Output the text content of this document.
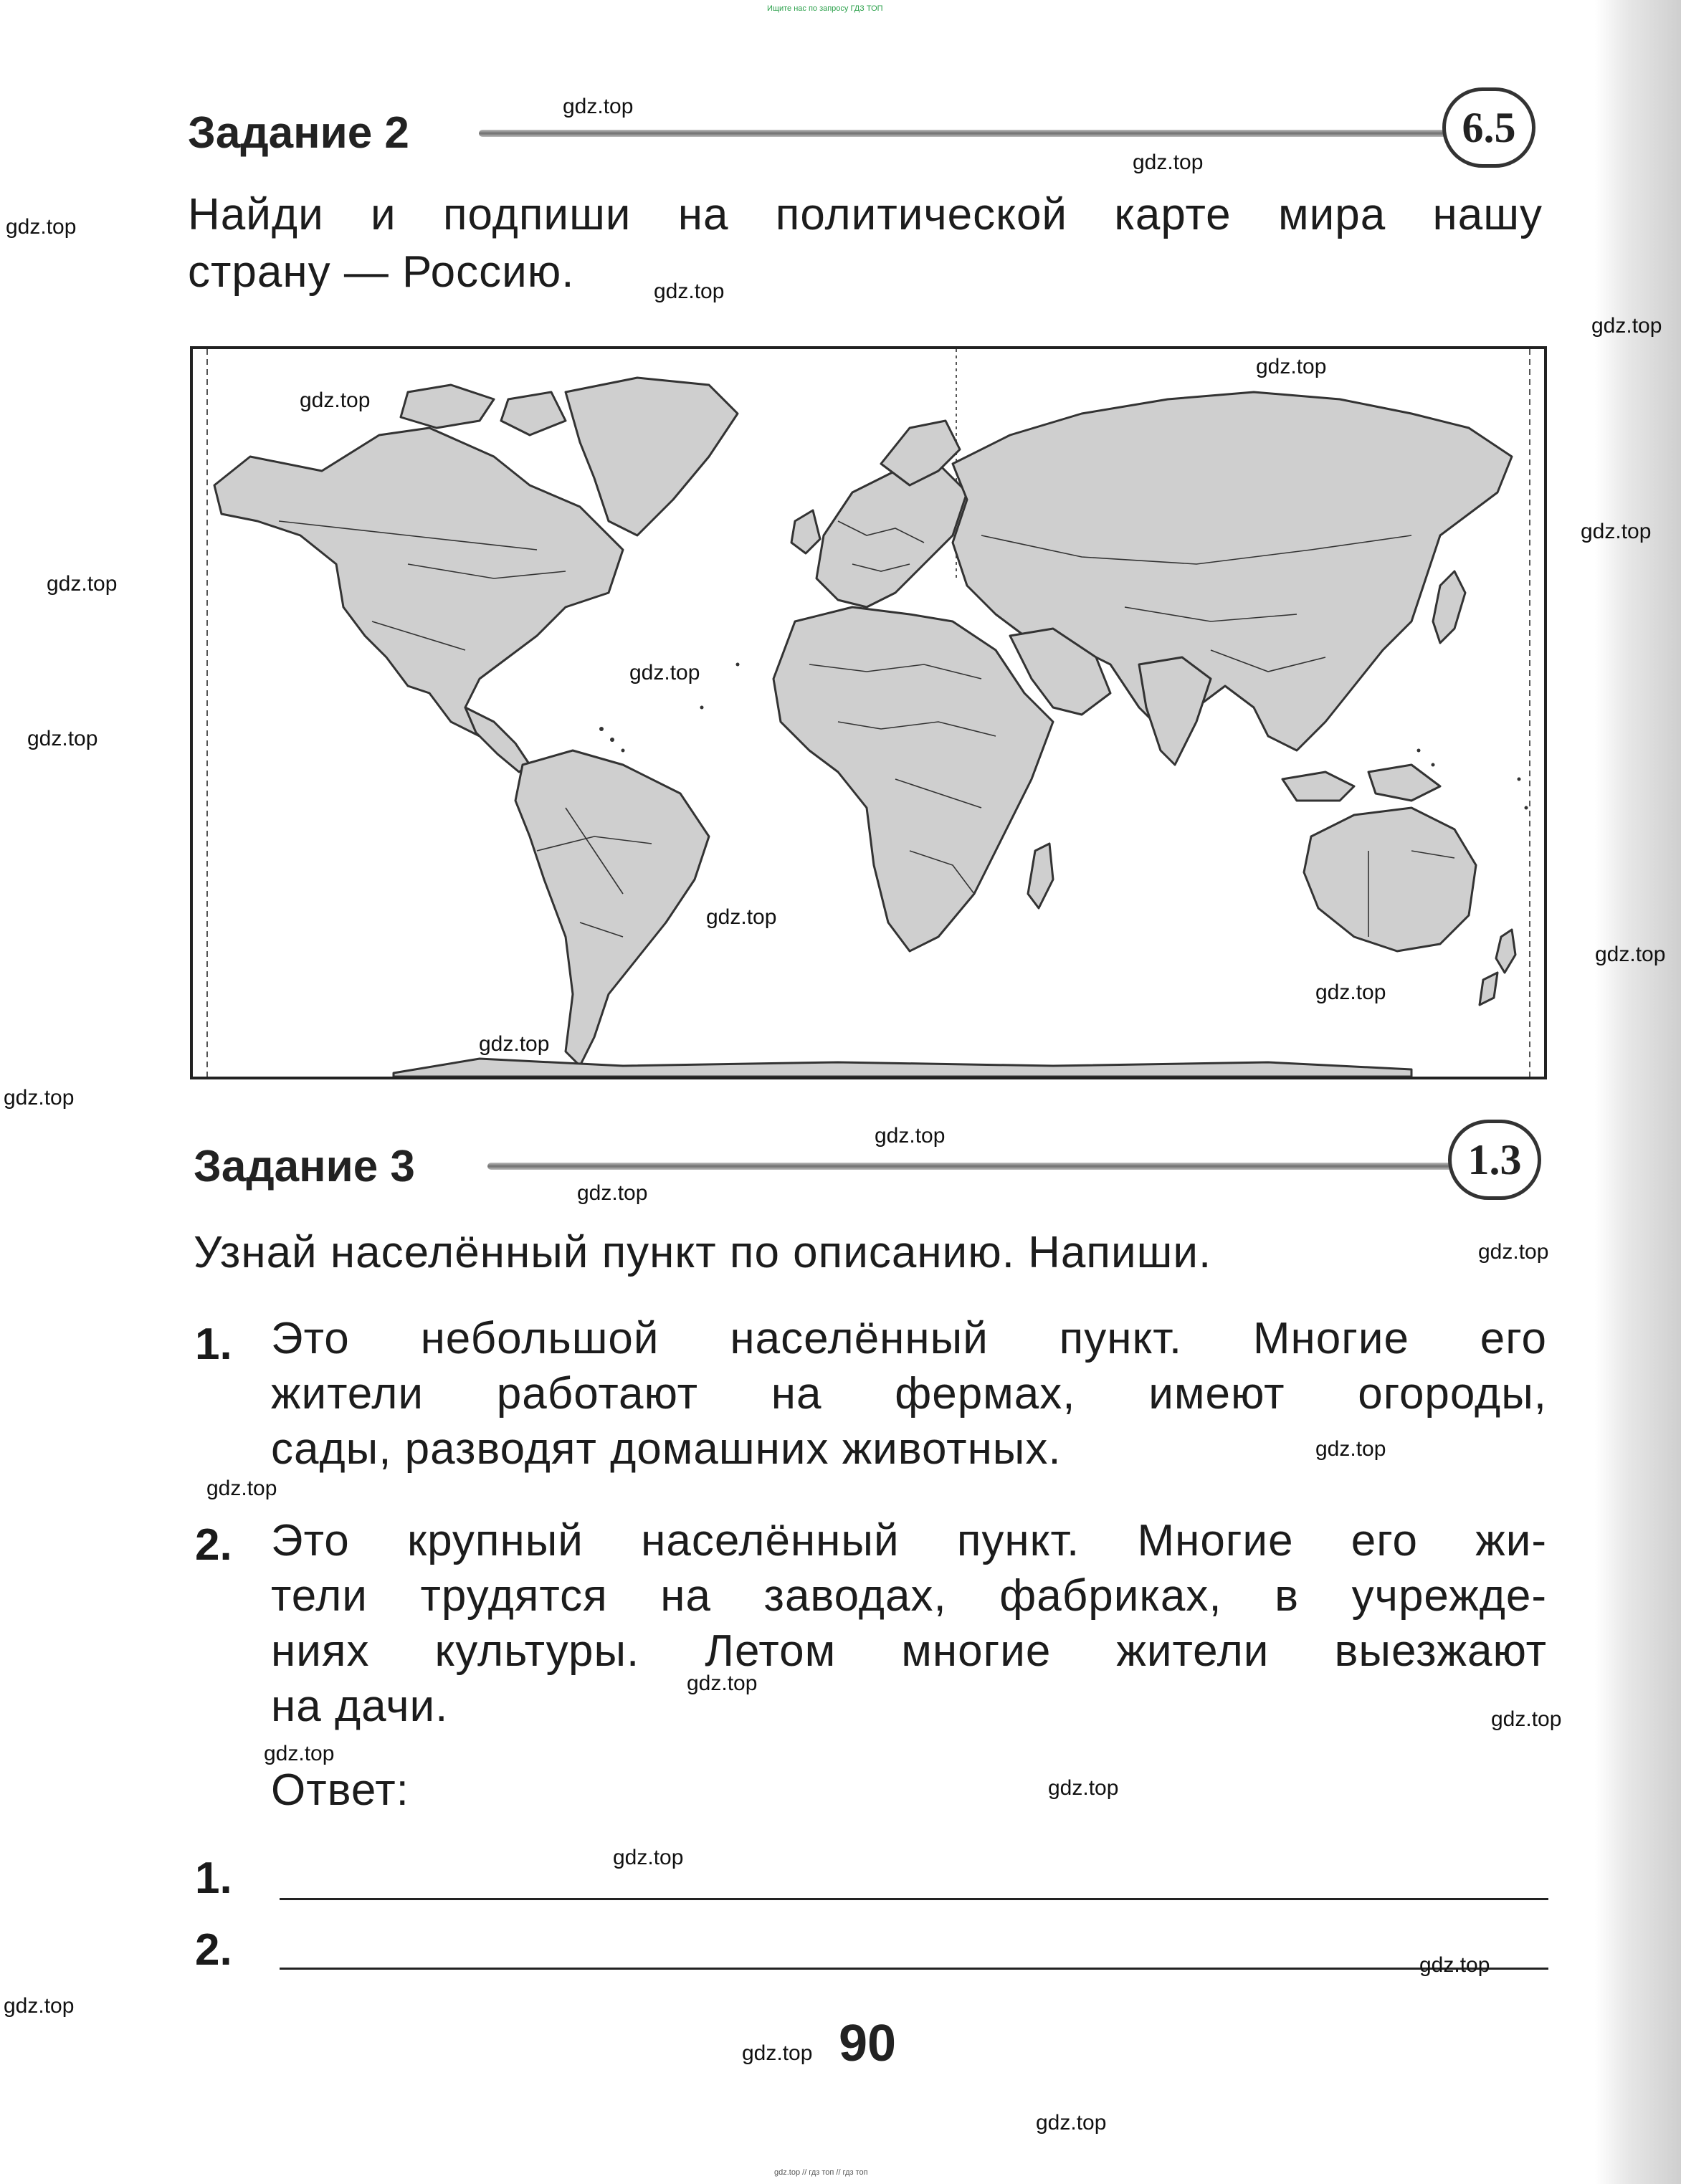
Ищите нас по запросу ГДЗ ТОП
Задание 2	6.5
Найди и подпиши на политической карте мира нашу
страну — Россию.
Задание 3	1.3
Узнай населённый пункт по описанию. Напиши.
1. Это небольшой населённый пункт. Многие его
жители работают на фермах, имеют огороды,
сады, разводят домашних животных.
2. Это крупный населённый пункт. Многие его жи-
тели трудятся на заводах, фабриках, в учрежде-
ниях культуры. Летом многие жители выезжают
на дачи.
Ответ:
1.
2.
90
gdz.top
gdz.top
gdz.top
gdz.top
gdz.top
gdz.top
gdz.top
gdz.top
gdz.top
gdz.top
gdz.top
gdz.top
gdz.top
gdz.top
gdz.top
gdz.top
gdz.top
gdz.top
gdz.top
gdz.top
gdz.top
gdz.top
gdz.top
gdz.top
gdz.top
gdz.top
gdz.top
gdz.top
gdz.top
gdz.top
gdz.top // гдз топ // гдз топ
